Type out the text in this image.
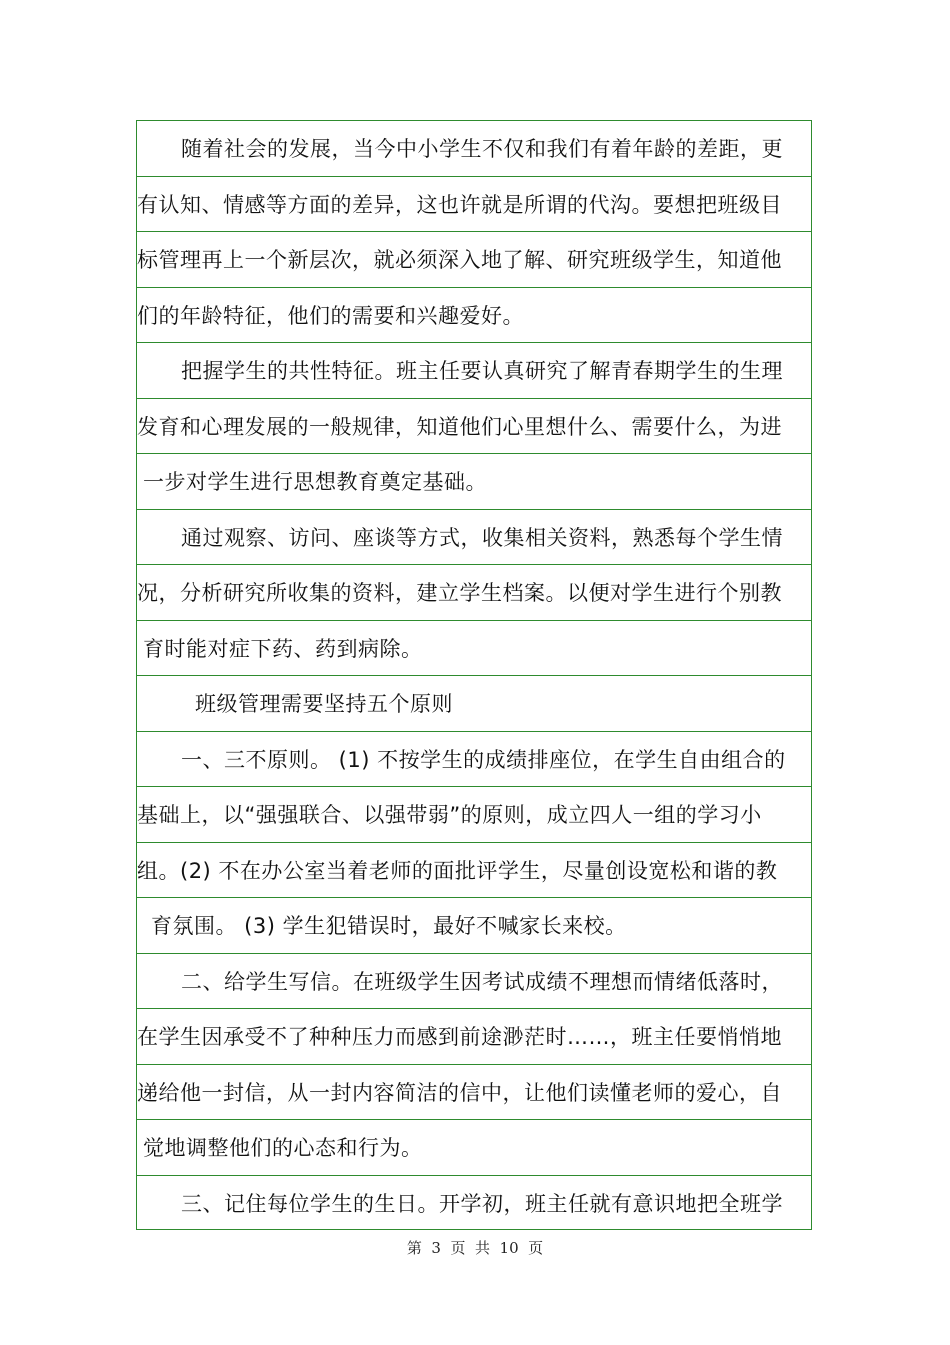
随着社会的发展，当今中小学生不仅和我们有着年龄的差距，更
有认知、情感等方面的差异，这也许就是所谓的代沟。要想把班级目
标管理再上一个新层次，就必须深入地了解、研究班级学生，知道他
们的年龄特征，他们的需要和兴趣爱好。
把握学生的共性特征。班主任要认真研究了解青春期学生的生理
发育和心理发展的一般规律，知道他们心里想什么、需要什么，为进
一步对学生进行思想教育奠定基础。
通过观察、访问、座谈等方式，收集相关资料，熟悉每个学生情
况，分析研究所收集的资料，建立学生档案。以便对学生进行个别教
育时能对症下药、药到病除。
班级管理需要坚持五个原则
一、三不原则。 (1) 不按学生的成绩排座位，在学生自由组合的
基础上，以“强强联合、以强带弱”的原则，成立四人一组的学习小
组。(2) 不在办公室当着老师的面批评学生，尽量创设宽松和谐的教
育氛围。 (3) 学生犯错误时，最好不喊家长来校。
二、给学生写信。在班级学生因考试成绩不理想而情绪低落时，
在学生因承受不了种种压力而感到前途渺茫时……，班主任要悄悄地
递给他一封信，从一封内容简洁的信中，让他们读懂老师的爱心，自
觉地调整他们的心态和行为。
三、记住每位学生的生日。开学初，班主任就有意识地把全班学
第  3  页  共  10  页
